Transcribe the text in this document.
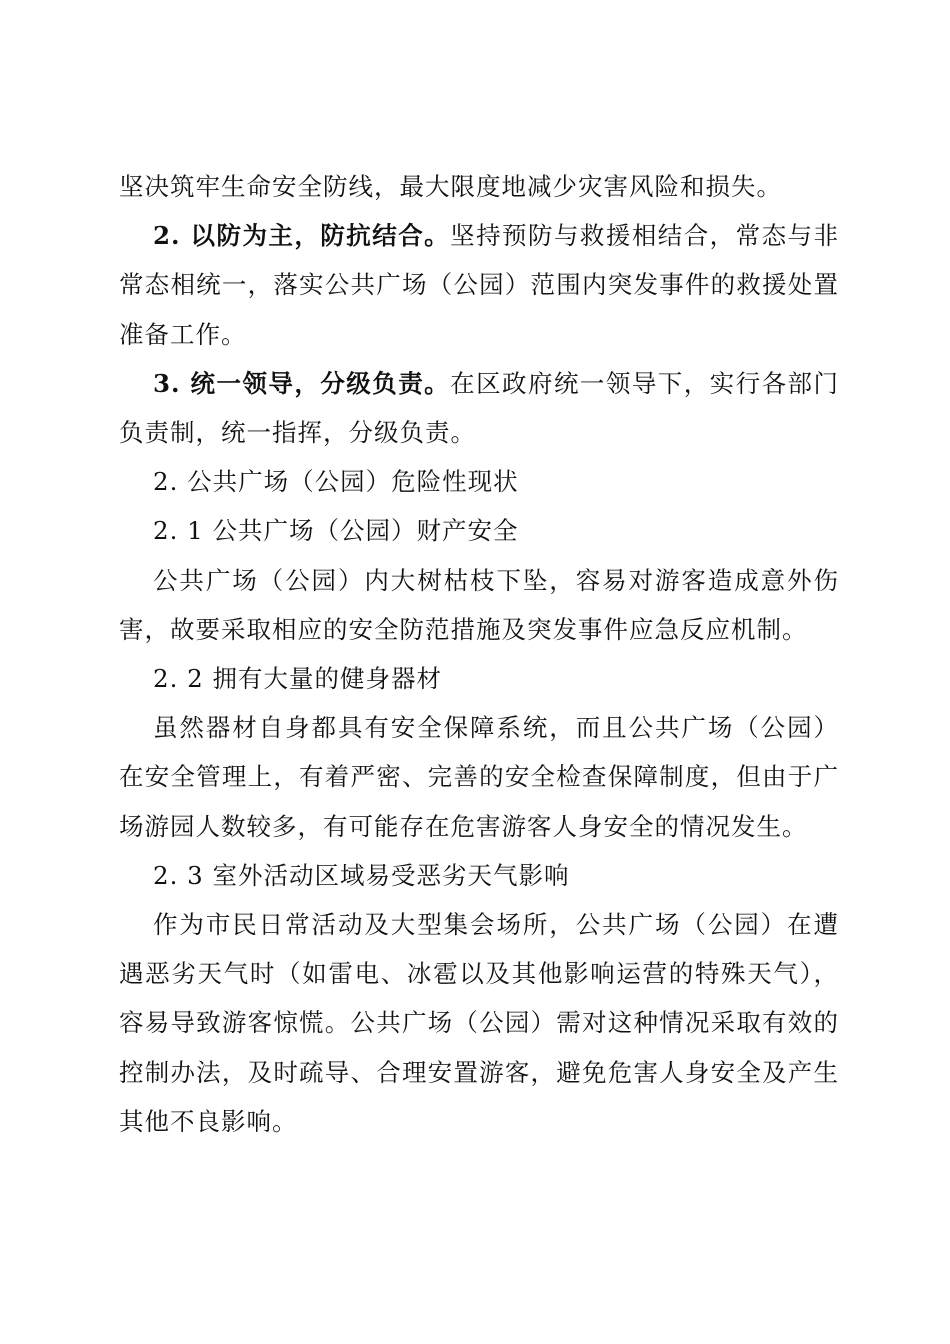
坚决筑牢生命安全防线，最大限度地减少灾害风险和损失。

2. 以防为主，防抗结合。坚持预防与救援相结合，常态与非常态相统一，落实公共广场（公园）范围内突发事件的救援处置准备工作。

3. 统一领导，分级负责。在区政府统一领导下，实行各部门负责制，统一指挥，分级负责。

2. 公共广场（公园）危险性现状

2. 1 公共广场（公园）财产安全

公共广场（公园）内大树枯枝下坠，容易对游客造成意外伤害，故要采取相应的安全防范措施及突发事件应急反应机制。

2. 2 拥有大量的健身器材

虽然器材自身都具有安全保障系统，而且公共广场（公园）在安全管理上，有着严密、完善的安全检查保障制度，但由于广场游园人数较多，有可能存在危害游客人身安全的情况发生。

2. 3 室外活动区域易受恶劣天气影响

作为市民日常活动及大型集会场所，公共广场（公园）在遭遇恶劣天气时（如雷电、冰雹以及其他影响运营的特殊天气），容易导致游客惊慌。公共广场（公园）需对这种情况采取有效的控制办法，及时疏导、合理安置游客，避免危害人身安全及产生其他不良影响。
